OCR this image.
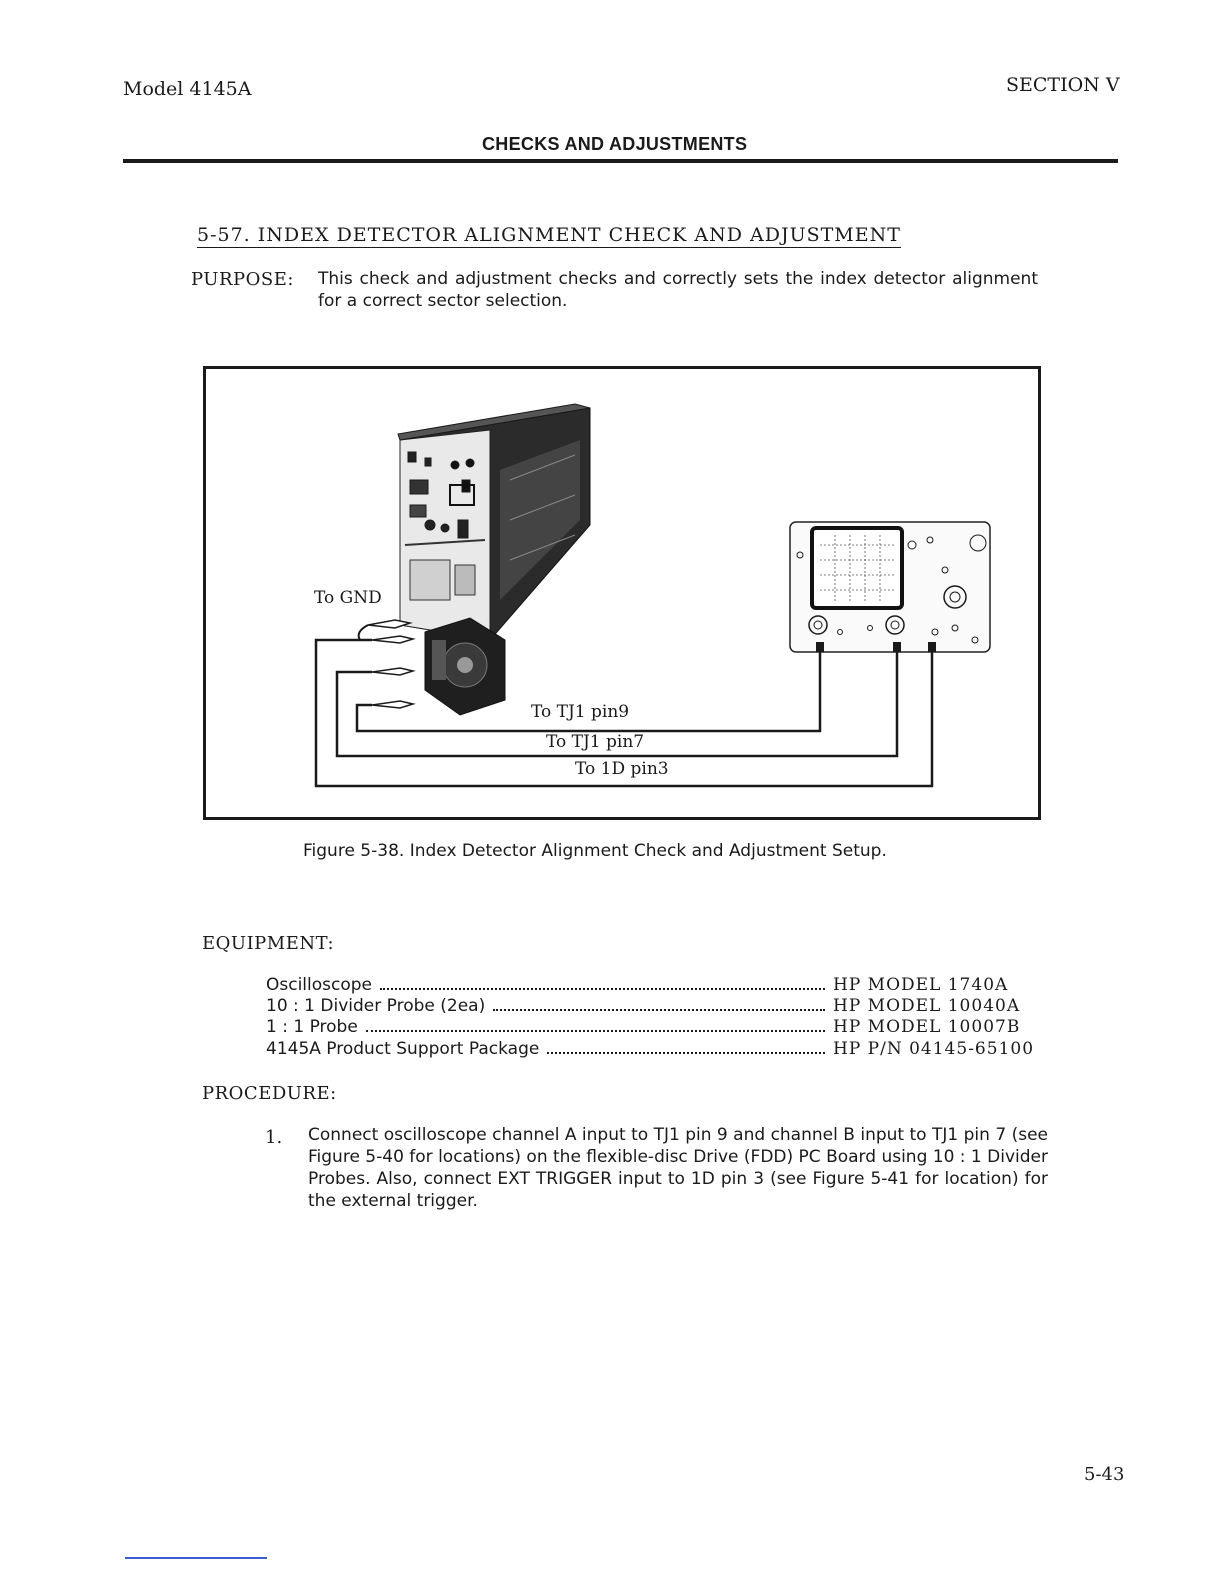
Model 4145A	SECTION V
CHECKS AND ADJUSTMENTS
5-57. INDEX DETECTOR ALIGNMENT CHECK AND ADJUSTMENT
PURPOSE: This check and adjustment checks and correctly sets the index detector alignment for a correct sector selection.
To GND
To TJ1 pin9
To TJ1 pin7
To 1D pin3
Figure 5-38. Index Detector Alignment Check and Adjustment Setup.
EQUIPMENT:
Oscilloscope	HP MODEL 1740A
10 : 1 Divider Probe (2ea)	HP MODEL 10040A
1 : 1 Probe	HP MODEL 10007B
4145A Product Support Package	HP P/N 04145-65100
PROCEDURE:
1. Connect oscilloscope channel A input to TJ1 pin 9 and channel B input to TJ1 pin 7 (see Figure 5-40 for locations) on the flexible-disc Drive (FDD) PC Board using 10 : 1 Divider Probes. Also, connect EXT TRIGGER input to 1D pin 3 (see Figure 5-41 for location) for the external trigger.
5-43
